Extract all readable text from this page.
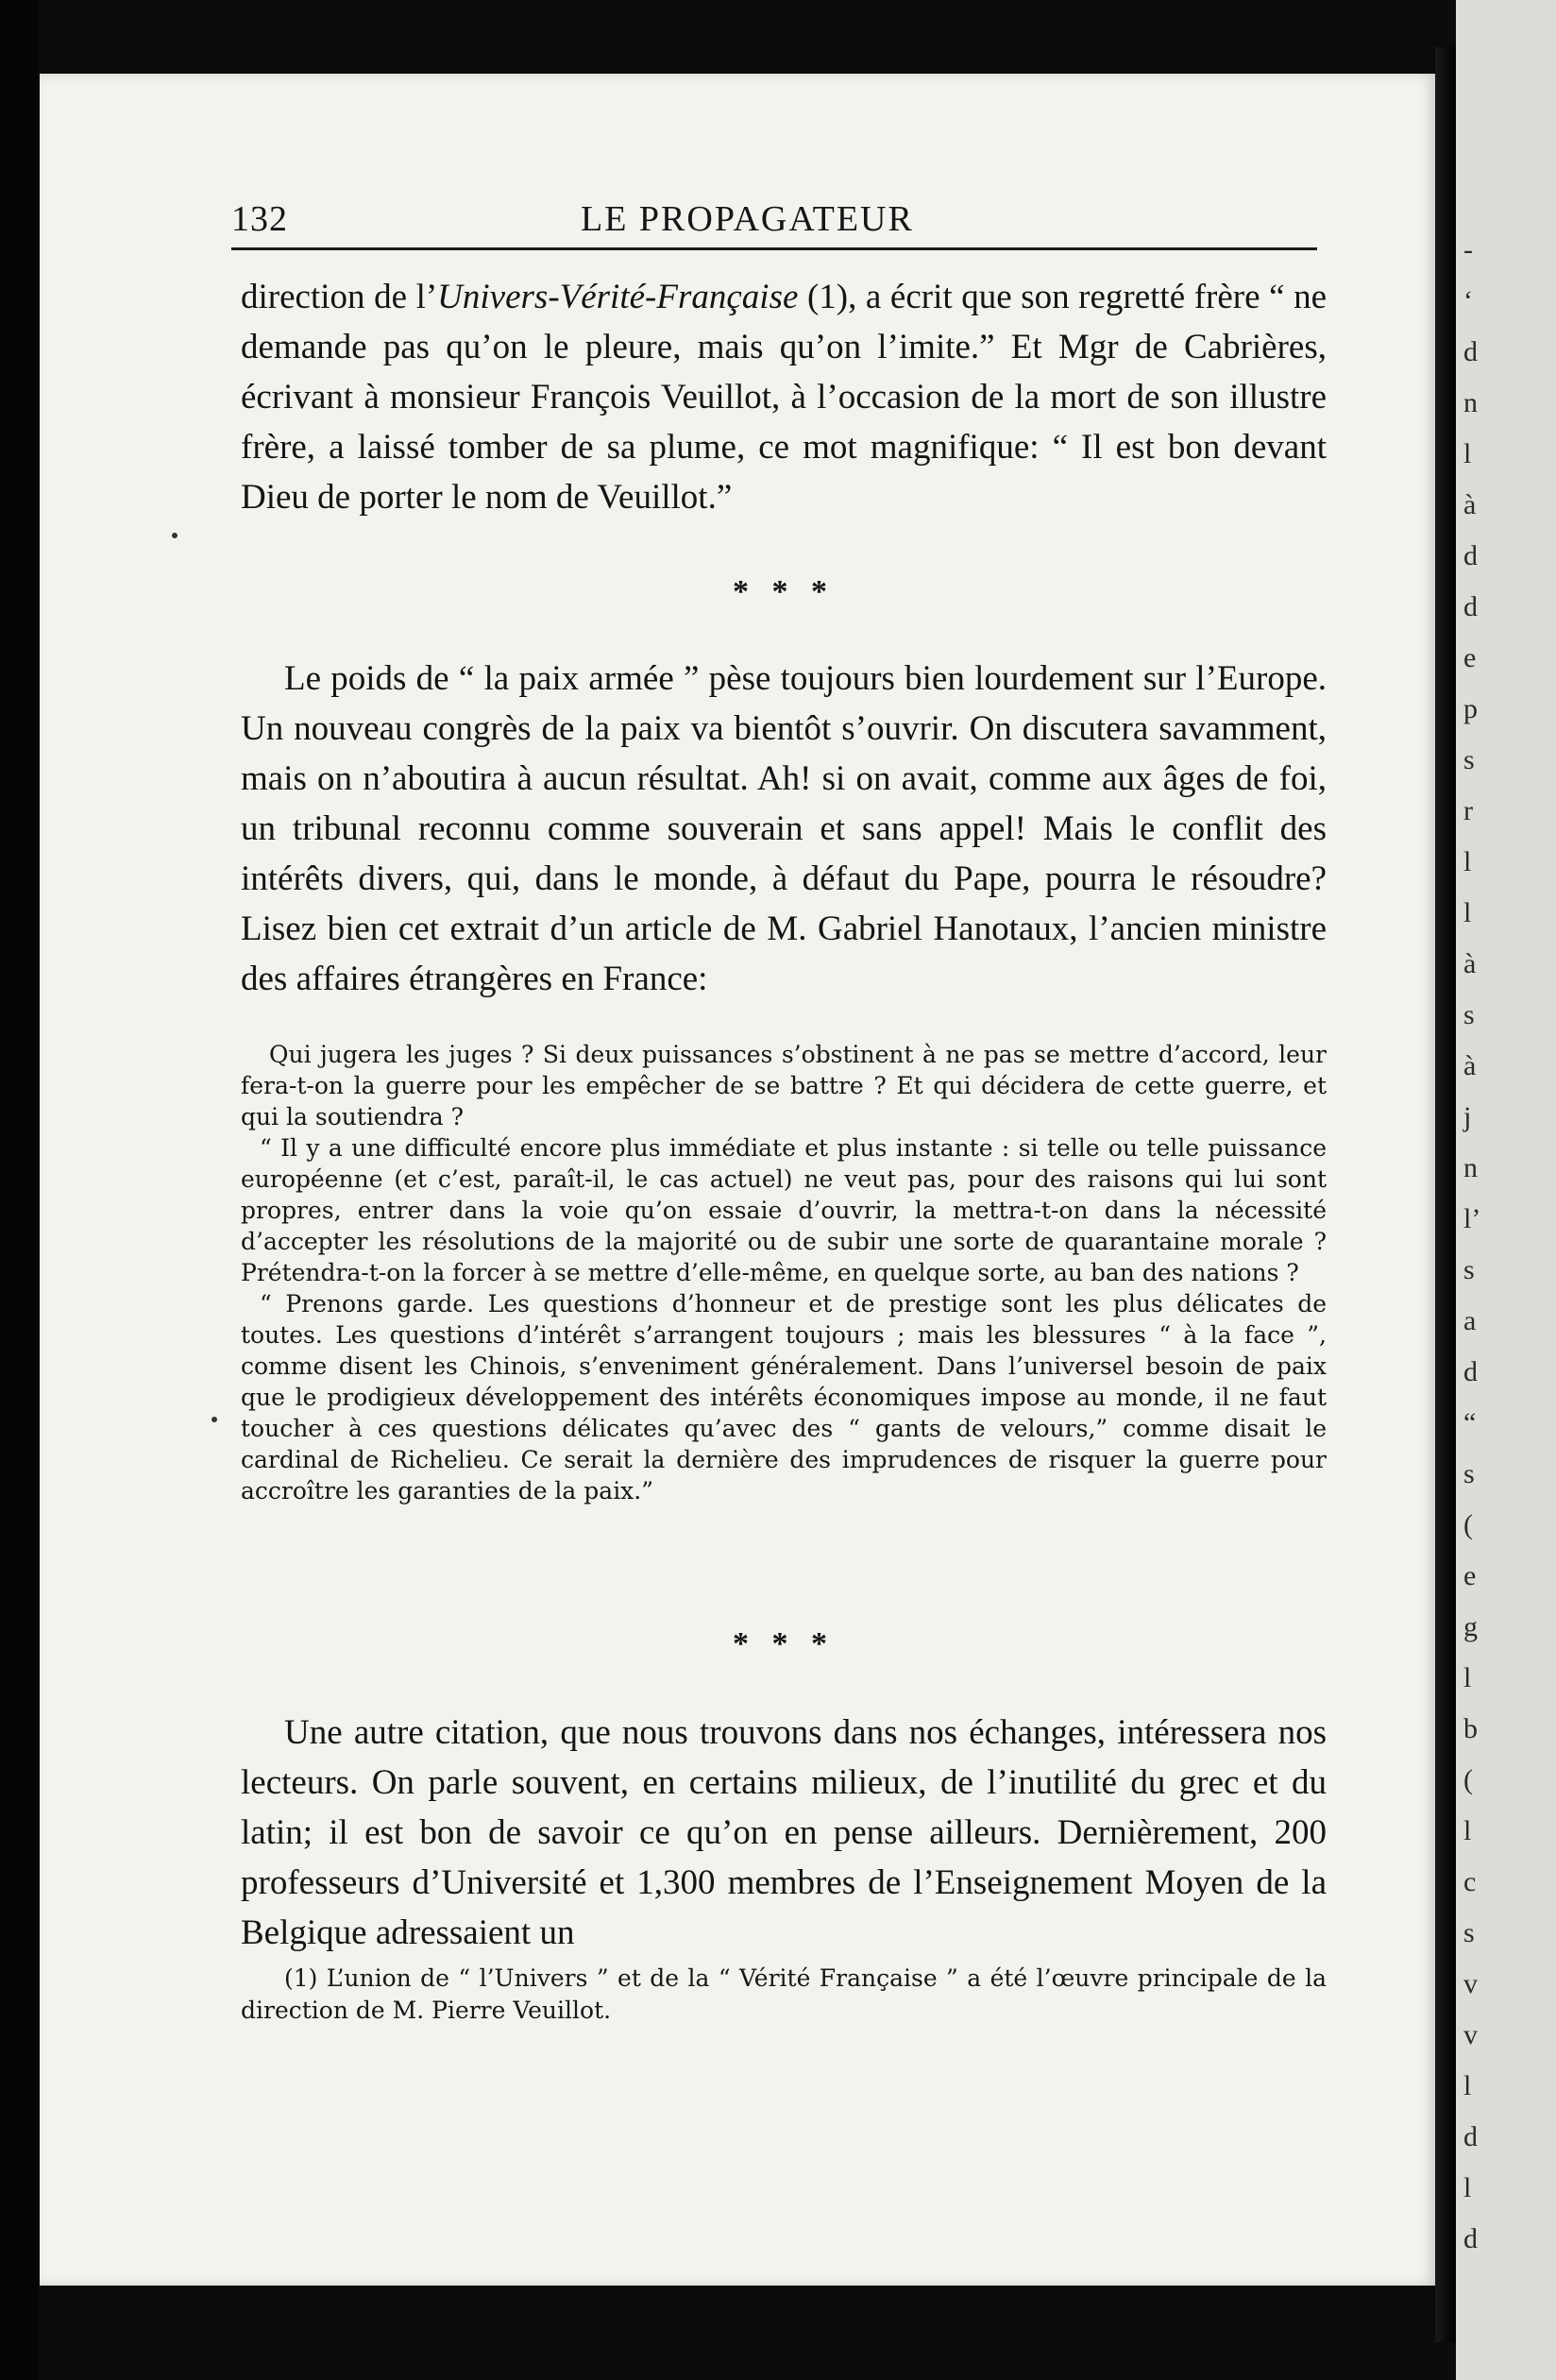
-
‘
d
n
l
à
d
d
e
p
s
r
l
l
à
s
à
j
n
l’
s
a
d
“
s
(
e
g
l
b
(
l
c
s
v
v
l
d
l
d
132	LE PROPAGATEUR

direction de l’Univers-Vérité-Française (1), a écrit que son regretté frère “ ne demande pas qu’on le pleure, mais qu’on l’imite.” Et Mgr de Cabrières, écrivant à monsieur François Veuillot, à l’occasion de la mort de son illustre frère, a laissé tomber de sa plume, ce mot magnifique: “ Il est bon devant Dieu de porter le nom de Veuillot.”

* * *

Le poids de “ la paix armée ” pèse toujours bien lourdement sur l’Europe. Un nouveau congrès de la paix va bientôt s’ouvrir. On discutera savamment, mais on n’aboutira à aucun résultat. Ah! si on avait, comme aux âges de foi, un tribunal reconnu comme souverain et sans appel! Mais le conflit des intérêts divers, qui, dans le monde, à défaut du Pape, pourra le résoudre? Lisez bien cet extrait d’un article de M. Gabriel Hanotaux, l’ancien ministre des affaires étrangères en France:

Qui jugera les juges ? Si deux puissances s’obstinent à ne pas se mettre d’accord, leur fera-t-on la guerre pour les empêcher de se battre ? Et qui décidera de cette guerre, et qui la soutiendra ?

“ Il y a une difficulté encore plus immédiate et plus instante : si telle ou telle puissance européenne (et c’est, paraît-il, le cas actuel) ne veut pas, pour des raisons qui lui sont propres, entrer dans la voie qu’on essaie d’ouvrir, la mettra-t-on dans la nécessité d’accepter les résolutions de la majorité ou de subir une sorte de quarantaine morale ? Prétendra-t-on la forcer à se mettre d’elle-même, en quelque sorte, au ban des nations ?

“ Prenons garde. Les questions d’honneur et de prestige sont les plus délicates de toutes. Les questions d’intérêt s’arrangent toujours ; mais les blessures “ à la face ”, comme disent les Chinois, s’enveniment généralement. Dans l’universel besoin de paix que le prodigieux développement des intérêts économiques impose au monde, il ne faut toucher à ces questions délicates qu’avec des “ gants de velours,” comme disait le cardinal de Richelieu. Ce serait la dernière des imprudences de risquer la guerre pour accroître les garanties de la paix.”

* * *

Une autre citation, que nous trouvons dans nos échanges, intéressera nos lecteurs. On parle souvent, en certains milieux, de l’inutilité du grec et du latin; il est bon de savoir ce qu’on en pense ailleurs. Dernièrement, 200 professeurs d’Université et 1,300 membres de l’Enseignement Moyen de la Belgique adressaient un

(1) L’union de “ l’Univers ” et de la “ Vérité Française ” a été l’œuvre principale de la direction de M. Pierre Veuillot.
